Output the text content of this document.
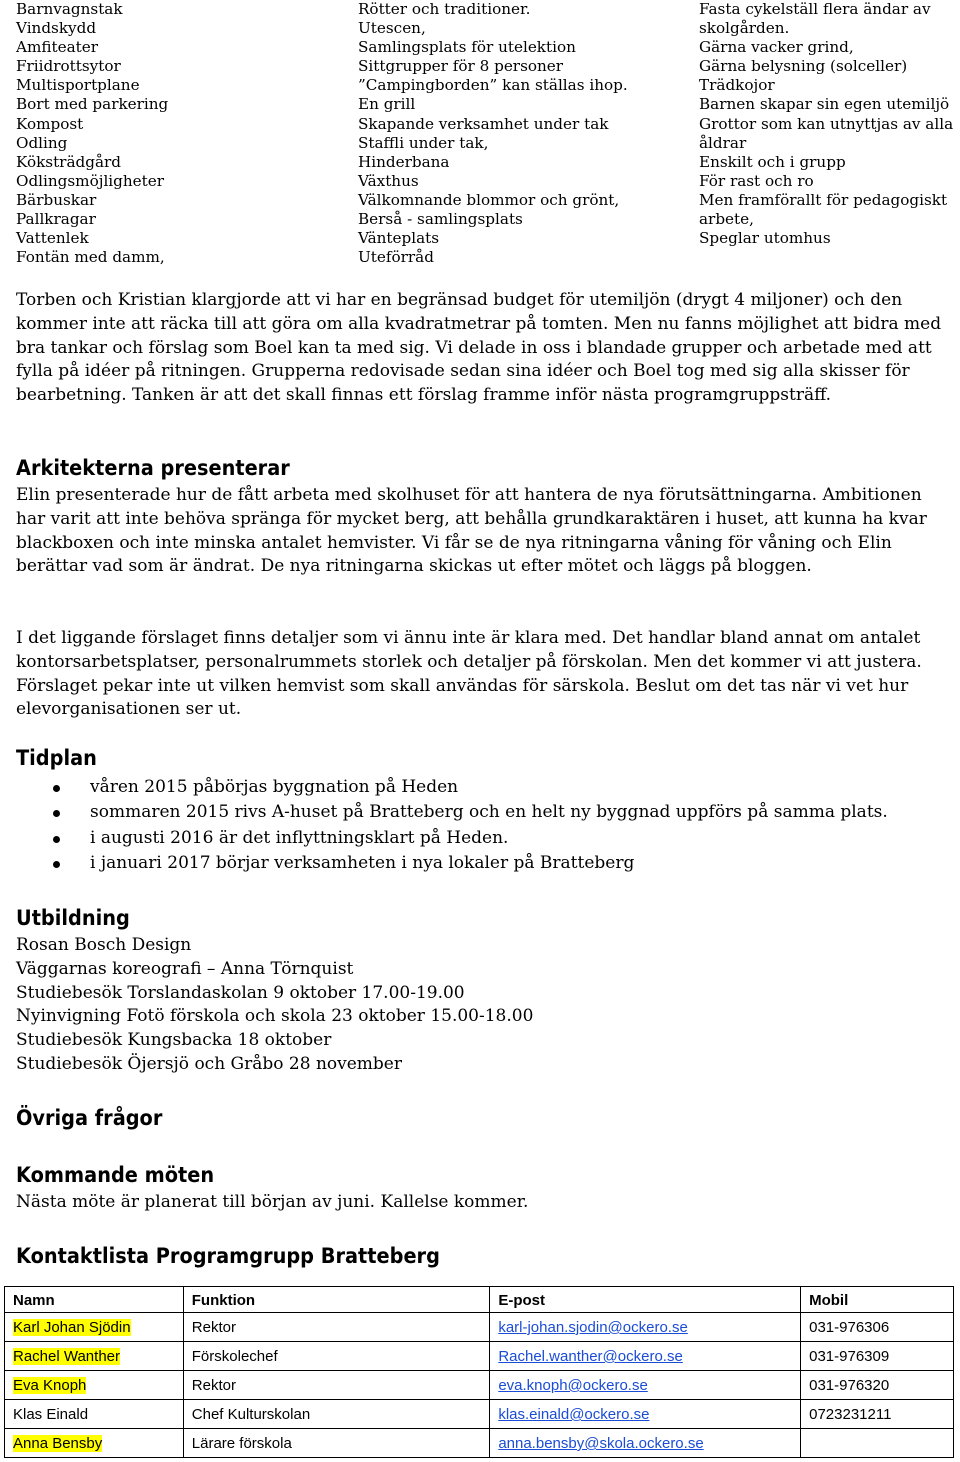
Barnvagnstak
Vindskydd
Amfiteater
Friidrottsytor
Multisportplane
Bort med parkering
Kompost
Odling
Köksträdgård
Odlingsmöjligheter
Bärbuskar
Pallkragar
Vattenlek
Fontän med damm,
Rötter och traditioner.
Utescen,
Samlingsplats för utelektion
Sittgrupper för 8 personer
”Campingborden” kan ställas ihop.
En grill
Skapande verksamhet under tak
Staffli under tak,
Hinderbana
Växthus
Välkomnande blommor och grönt,
Berså - samlingsplats
Vänteplats
Uteförråd
Fasta cykelställ flera ändar av skolgården.
Gärna vacker grind,
Gärna belysning (solceller)
Trädkojor
Barnen skapar sin egen utemiljö
Grottor som kan utnyttjas av alla åldrar
Enskilt och i grupp
För rast och ro
Men framförallt för pedagogiskt arbete,
Speglar utomhus
Torben och Kristian klargjorde att vi har en begränsad budget för utemiljön (drygt 4 miljoner) och den kommer inte att räcka till att göra om alla kvadratmetrar på tomten. Men nu fanns möjlighet att bidra med bra tankar och förslag som Boel kan ta med sig. Vi delade in oss i blandade grupper och arbetade med att fylla på idéer på ritningen. Grupperna redovisade sedan sina idéer och Boel tog med sig alla skisser för bearbetning. Tanken är att det skall finnas ett förslag framme inför nästa programgruppsträff.
Arkitekterna presenterar
Elin presenterade hur de fått arbeta med skolhuset för att hantera de nya förutsättningarna. Ambitionen har varit att inte behöva spränga för mycket berg, att behålla grundkaraktären i huset, att kunna ha kvar blackboxen och inte minska antalet hemvister. Vi får se de nya ritningarna våning för våning och Elin berättar vad som är ändrat. De nya ritningarna skickas ut efter mötet och läggs på bloggen.
I det liggande förslaget finns detaljer som vi ännu inte är klara med. Det handlar bland annat om antalet kontorsarbetsplatser, personalrummets storlek och detaljer på förskolan. Men det kommer vi att justera. Förslaget pekar inte ut vilken hemvist som skall användas för särskola. Beslut om det tas när vi vet hur elevorganisationen ser ut.
Tidplan
våren 2015 påbörjas byggnation på Heden
sommaren 2015 rivs A-huset på Bratteberg och en helt ny byggnad uppförs på samma plats.
i augusti 2016 är det inflyttningsklart på Heden.
i januari 2017 börjar verksamheten i nya lokaler på Bratteberg
Utbildning
Rosan Bosch Design
Väggarnas koreografi – Anna Törnquist
Studiebesök Torslandaskolan 9 oktober 17.00-19.00
Nyinvigning Fotö förskola och skola 23 oktober 15.00-18.00
Studiebesök Kungsbacka 18 oktober
Studiebesök Öjersjö och Gråbo 28 november
Övriga frågor
Kommande möten
Nästa möte är planerat till början av juni. Kallelse kommer.
Kontaktlista Programgrupp Bratteberg
Namn	Funktion	E-post	Mobil
Karl Johan Sjödin	Rektor	karl-johan.sjodin@ockero.se	031-976306
Rachel Wanther	Förskolechef	Rachel.wanther@ockero.se	031-976309
Eva Knoph	Rektor	eva.knoph@ockero.se	031-976320
Klas Einald	Chef Kulturskolan	klas.einald@ockero.se	0723231211
Anna Bensby	Lärare förskola	anna.bensby@skola.ockero.se	
